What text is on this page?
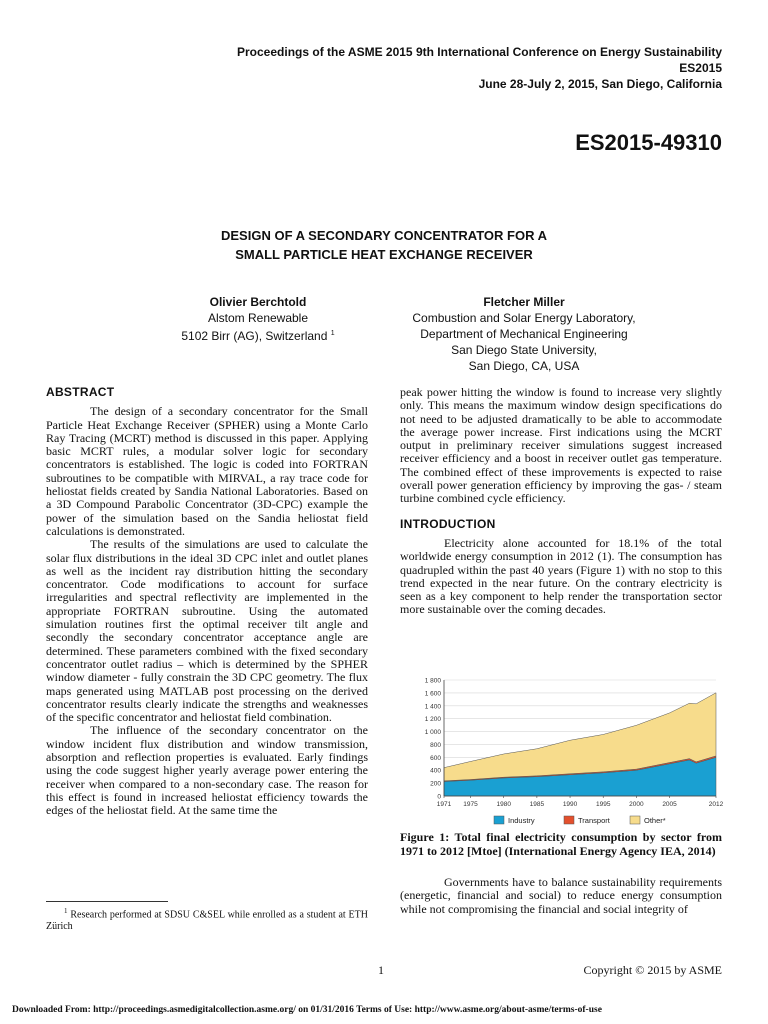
Proceedings of the ASME 2015 9th International Conference on Energy Sustainability
ES2015
June 28-July 2, 2015, San Diego, California
ES2015-49310
DESIGN OF A SECONDARY CONCENTRATOR FOR A
SMALL PARTICLE HEAT EXCHANGE RECEIVER
Olivier Berchtold
Alstom Renewable
5102 Birr (AG), Switzerland $^1$
Fletcher Miller
Combustion and Solar Energy Laboratory,
Department of Mechanical Engineering
San Diego State University,
San Diego, CA, USA
ABSTRACT

The design of a secondary concentrator for the Small Particle Heat Exchange Receiver (SPHER) using a Monte Carlo Ray Tracing (MCRT) method is discussed in this paper. Applying basic MCRT rules, a modular solver logic for secondary concentrators is established. The logic is coded into FORTRAN subroutines to be compatible with MIRVAL, a ray trace code for heliostat fields created by Sandia National Laboratories. Based on a 3D Compound Parabolic Concentrator (3D-CPC) example the power of the simulation based on the Sandia heliostat field calculations is demonstrated.

The results of the simulations are used to calculate the solar flux distributions in the ideal 3D CPC inlet and outlet planes as well as the incident ray distribution hitting the secondary concentrator. Code modifications to account for surface irregularities and spectral reflectivity are implemented in the appropriate FORTRAN subroutine. Using the automated simulation routines first the optimal receiver tilt angle and secondly the secondary concentrator acceptance angle are determined. These parameters combined with the fixed secondary concentrator outlet radius – which is determined by the SPHER window diameter - fully constrain the 3D CPC geometry. The flux maps generated using MATLAB post processing on the derived concentrator results clearly indicate the strengths and weaknesses of the specific concentrator and heliostat field combination.

The influence of the secondary concentrator on the window incident flux distribution and window transmission, absorption and reflection properties is evaluated. Early findings using the code suggest higher yearly average power entering the receiver when compared to a non-secondary case. The reason for this effect is found in increased heliostat efficiency towards the edges of the heliostat field. At the same time the

peak power hitting the window is found to increase very slightly only. This means the maximum window design specifications do not need to be adjusted dramatically to be able to accommodate the average power increase. First indications using the MCRT output in preliminary receiver simulations suggest increased receiver efficiency and a boost in receiver outlet gas temperature. The combined effect of these improvements is expected to raise overall power generation efficiency by improving the gas- / steam turbine combined cycle efficiency.

INTRODUCTION

Electricity alone accounted for 18.1% of the total worldwide energy consumption in 2012 (1). The consumption has quadrupled within the past 40 years (Figure 1) with no stop to this trend expected in the near future. On the contrary electricity is seen as a key component to help render the transportation sector more sustainable over the coming decades.

0
200
400
600
800
1 000
1 200
1 400
1 600
1 800
1971 1975	1980	1985	1990	1995	2000	2005	2012
Industry	Transport	Other*
Figure 1: Total final electricity consumption by sector from 1971 to 2012 [Mtoe] (International Energy Agency IEA, 2014)

Governments have to balance sustainability requirements (energetic, financial and social) to reduce energy consumption while not compromising the financial and social integrity of

$^1$ Research performed at SDSU C&SEL while enrolled as a student at ETH Zürich
1	Copyright © 2015 by ASME
Downloaded From: http://proceedings.asmedigitalcollection.asme.org/ on 01/31/2016 Terms of Use: http://www.asme.org/about-asme/terms-of-use
